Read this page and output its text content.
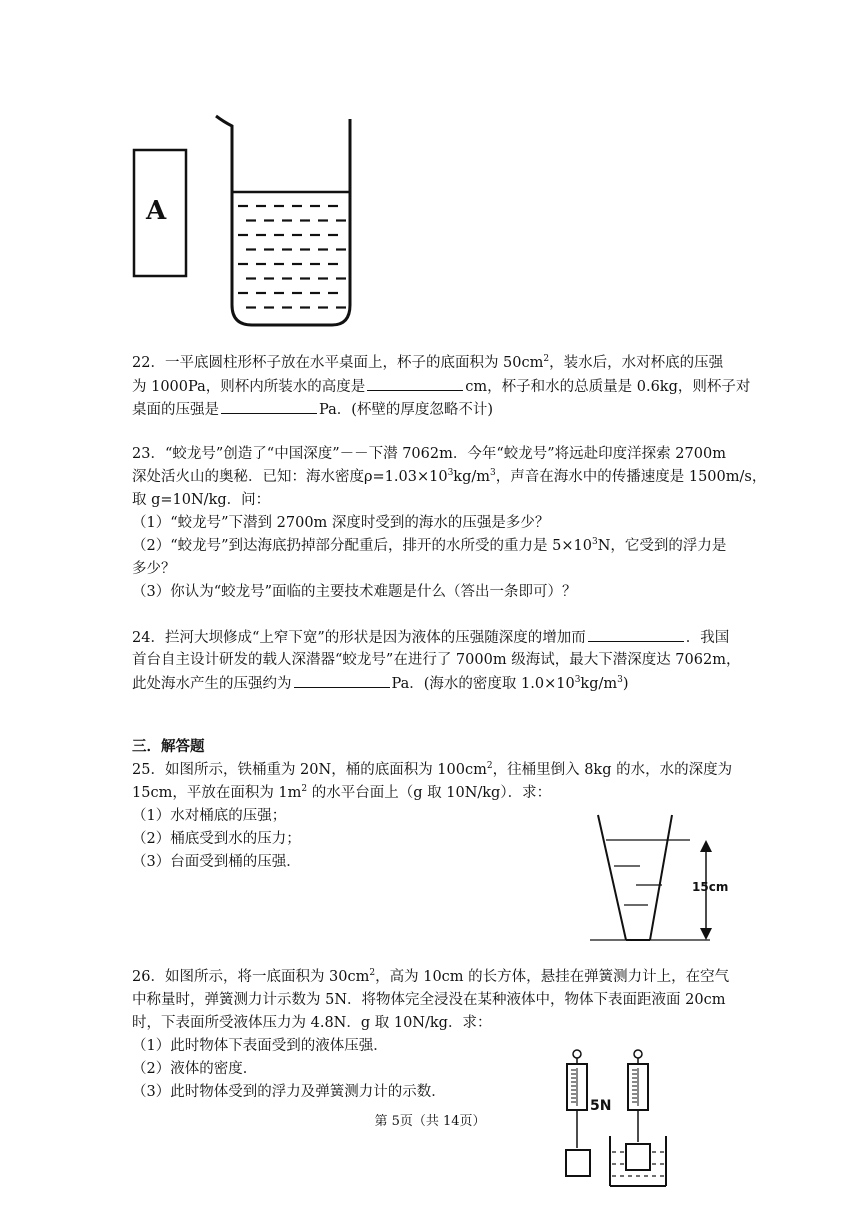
A
22．一平底圆柱形杯子放在水平桌面上，杯子的底面积为 $50cm^2$，装水后，水对杯底的压强
为 1000Pa，则杯内所装水的高度是	cm，杯子和水的总质量是 0.6kg，则杯子对
桌面的压强是	Pa．(杯壁的厚度忽略不计)
23．“蛟龙号”创造了“中国深度”－－下潜 7062m．今年“蛟龙号”将远赴印度洋探索 2700m
深处活火山的奥秘．已知：海水密度$\rho=1.03\times 10^3kg/m^3$，声音在海水中的传播速度是 1500m/s，
取 g=10N/kg．问：
（1）“蛟龙号”下潜到 2700m 深度时受到的海水的压强是多少？
（2）“蛟龙号”到达海底扔掉部分配重后，排开的水所受的重力是 $5\times 10^3N$，它受到的浮力是
多少？
（3）你认为“蛟龙号”面临的主要技术难题是什么（答出一条即可）？
24．拦河大坝修成“上窄下宽”的形状是因为液体的压强随深度的增加而	．我国
首台自主设计研发的载人深潜器“蛟龙号”在进行了 7000m 级海试，最大下潜深度达 7062m，
此处海水产生的压强约为	Pa．(海水的密度取 $1.0\times 10^3kg/m^3$)
三．解答题
25．如图所示，铁桶重为 20N，桶的底面积为 $100cm^2$，往桶里倒入 8kg 的水，水的深度为
15cm，平放在面积为 $1m^2$ 的水平台面上（g 取 10N/kg）．求：
（1）水对桶底的压强；
（2）桶底受到水的压力；
（3）台面受到桶的压强．
15cm
26．如图所示，将一底面积为 $30cm^2$，高为 10cm 的长方体，悬挂在弹簧测力计上，在空气
中称量时，弹簧测力计示数为 5N．将物体完全浸没在某种液体中，物体下表面距液面 20cm
时，下表面所受液体压力为 4.8N．g 取 10N/kg．求：
（1）此时物体下表面受到的液体压强．
（2）液体的密度．
（3）此时物体受到的浮力及弹簧测力计的示数．
5N
第 5页（共 14页）
